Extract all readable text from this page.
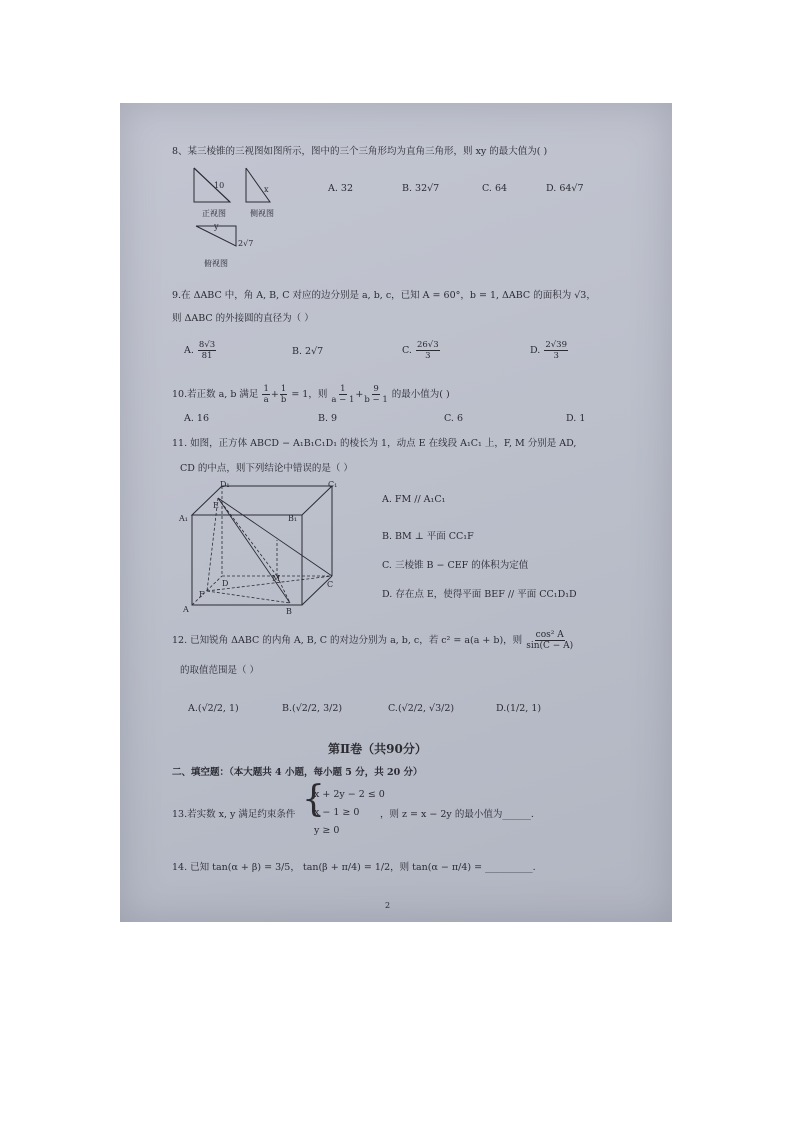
8、某三棱锥的三视图如图所示，图中的三个三角形均为直角三角形，则 xy 的最大值为( )
10	x
y
2√7
正视图	侧视图
俯视图
A. 32	B. 32√7	C. 64	D. 64√7
9.在 ΔABC 中，角 A, B, C 对应的边分别是 a, b, c，已知 A = 60°，b = 1, ΔABC 的面积为 √3，
则 ΔABC 的外接圆的直径为（ ）
A. $\frac{8√3}{81}$	B. 2√7	C. $\frac{26√3}{3}$	D. $\frac{2√39}{3}$
10.若正数 a, b 满足 $\frac{1}{a} + \frac{1}{b} = 1$，则 $\frac{1}{a - 1} + \frac{9}{b - 1}$ 的最小值为( )
A. 16	B. 9	C. 6	D. 1
11. 如图，正方体 ABCD − A₁B₁C₁D₁ 的棱长为 1，动点 E 在线段 A₁C₁ 上，F, M 分别是 AD,
CD 的中点，则下列结论中错误的是（ ）
D₁	C₁
A₁	B₁
E
D
M
C
F
A	B
A. FM // A₁C₁
B. BM ⊥ 平面 CC₁F
C. 三棱锥 B − CEF 的体积为定值
D. 存在点 E，使得平面 BEF // 平面 CC₁D₁D
12. 已知锐角 ΔABC 的内角 A, B, C 的对边分别为 a, b, c，若 c² = a(a + b)，则 $\frac{\text{cos² A}}{\sin(C - A)}$
的取值范围是（ ）
A.(√2/2, 1)	B.(√2/2, 3/2)	C.(√2/2, √3/2)	D.(1/2, 1)
第Ⅱ卷（共90分）
二、填空题：（本大题共 4 小题，每小题 5 分，共 20 分）
13.若实数 x, y 满足约束条件 {
x + 2y − 2 ≤ 0
x − 1 ≥ 0
y ≥ 0
，则 z = x − 2y 的最小值为______.
14. 已知 tan(α + β) = 3/5， tan(β + π/4) = 1/2，则 tan(α − π/4) = __________.
2
